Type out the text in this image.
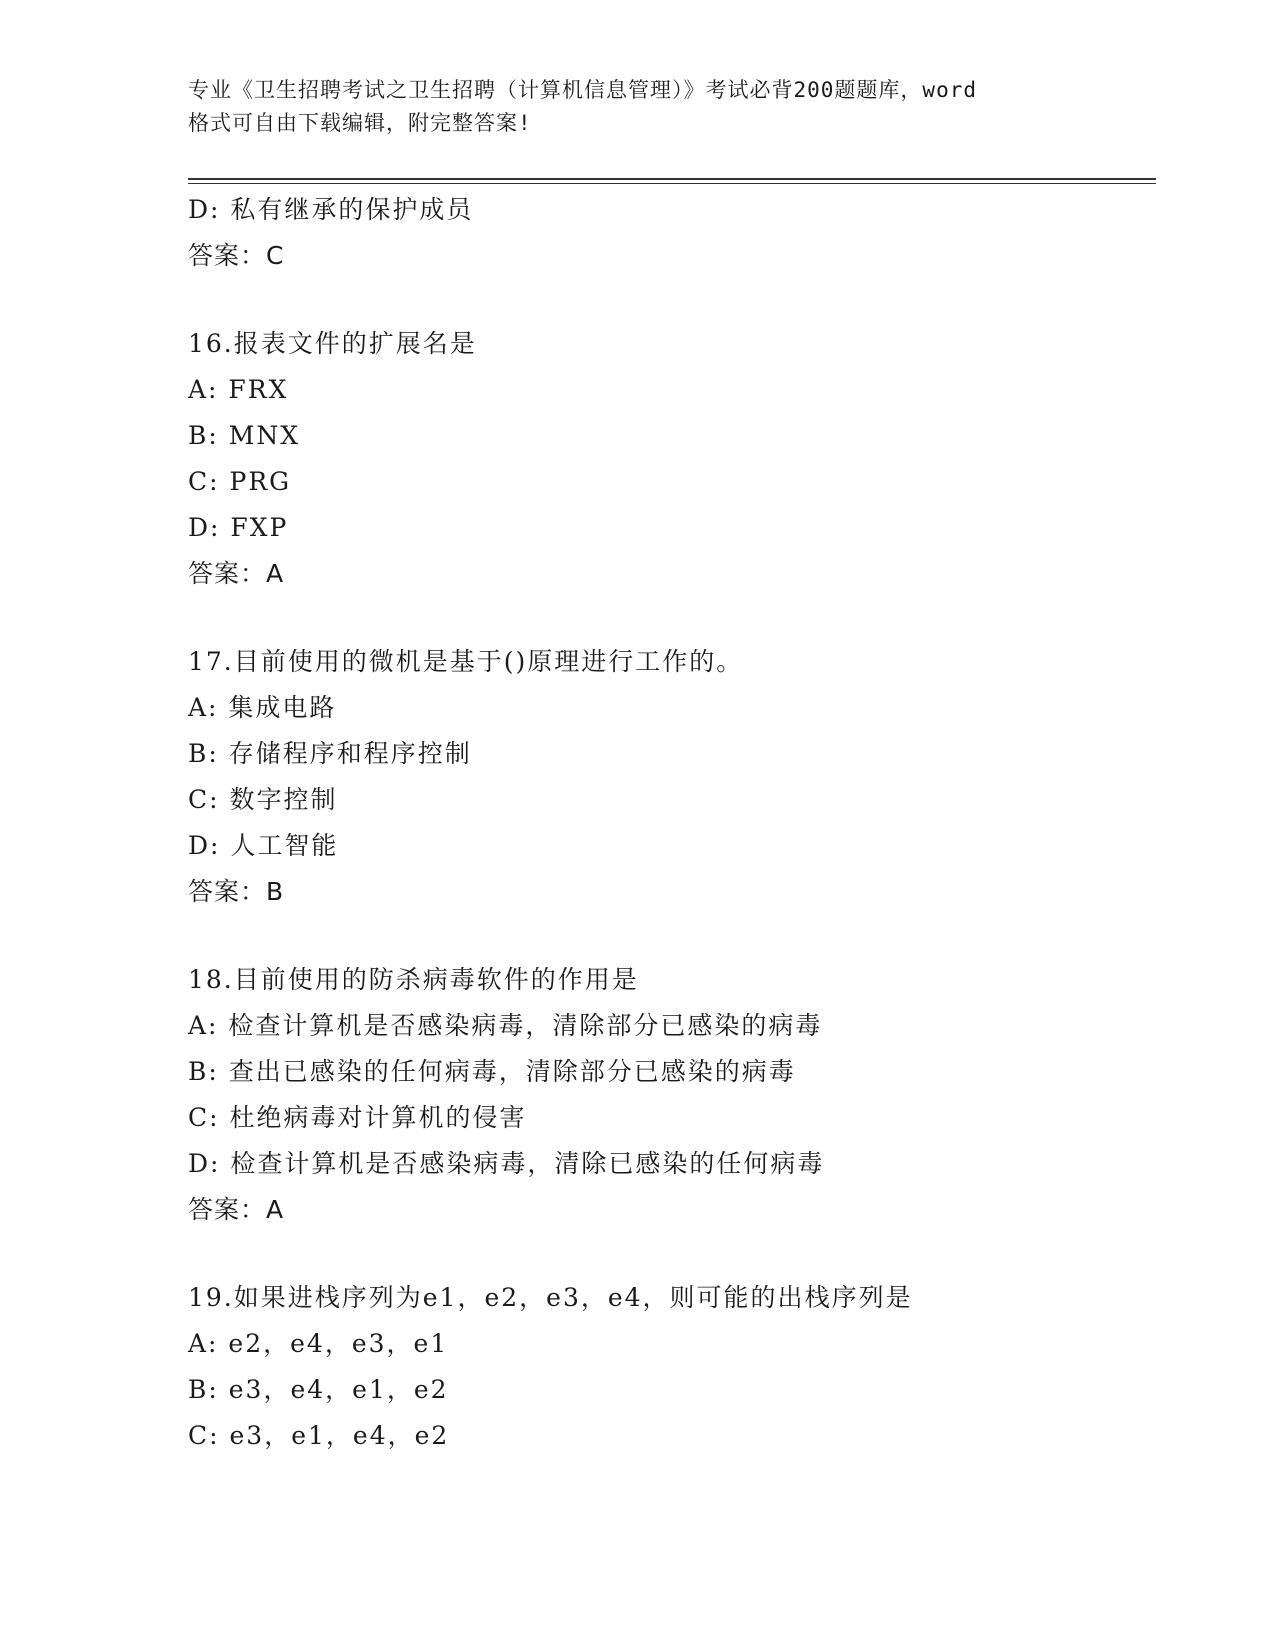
专业《卫生招聘考试之卫生招聘（计算机信息管理）》考试必背200题题库，word
格式可自由下载编辑，附完整答案!
D: 私有继承的保护成员
答案：C
16.报表文件的扩展名是
A: FRX
B: MNX
C: PRG
D: FXP
答案：A
17.目前使用的微机是基于()原理进行工作的。
A: 集成电路
B: 存储程序和程序控制
C: 数字控制
D: 人工智能
答案：B
18.目前使用的防杀病毒软件的作用是
A: 检查计算机是否感染病毒，清除部分已感染的病毒
B: 查出已感染的任何病毒，清除部分已感染的病毒
C: 杜绝病毒对计算机的侵害
D: 检查计算机是否感染病毒，清除已感染的任何病毒
答案：A
19.如果进栈序列为e1，e2，e3，e4，则可能的出栈序列是
A: e2，e4，e3，e1
B: e3，e4，e1，e2
C: e3，e1，e4，e2
